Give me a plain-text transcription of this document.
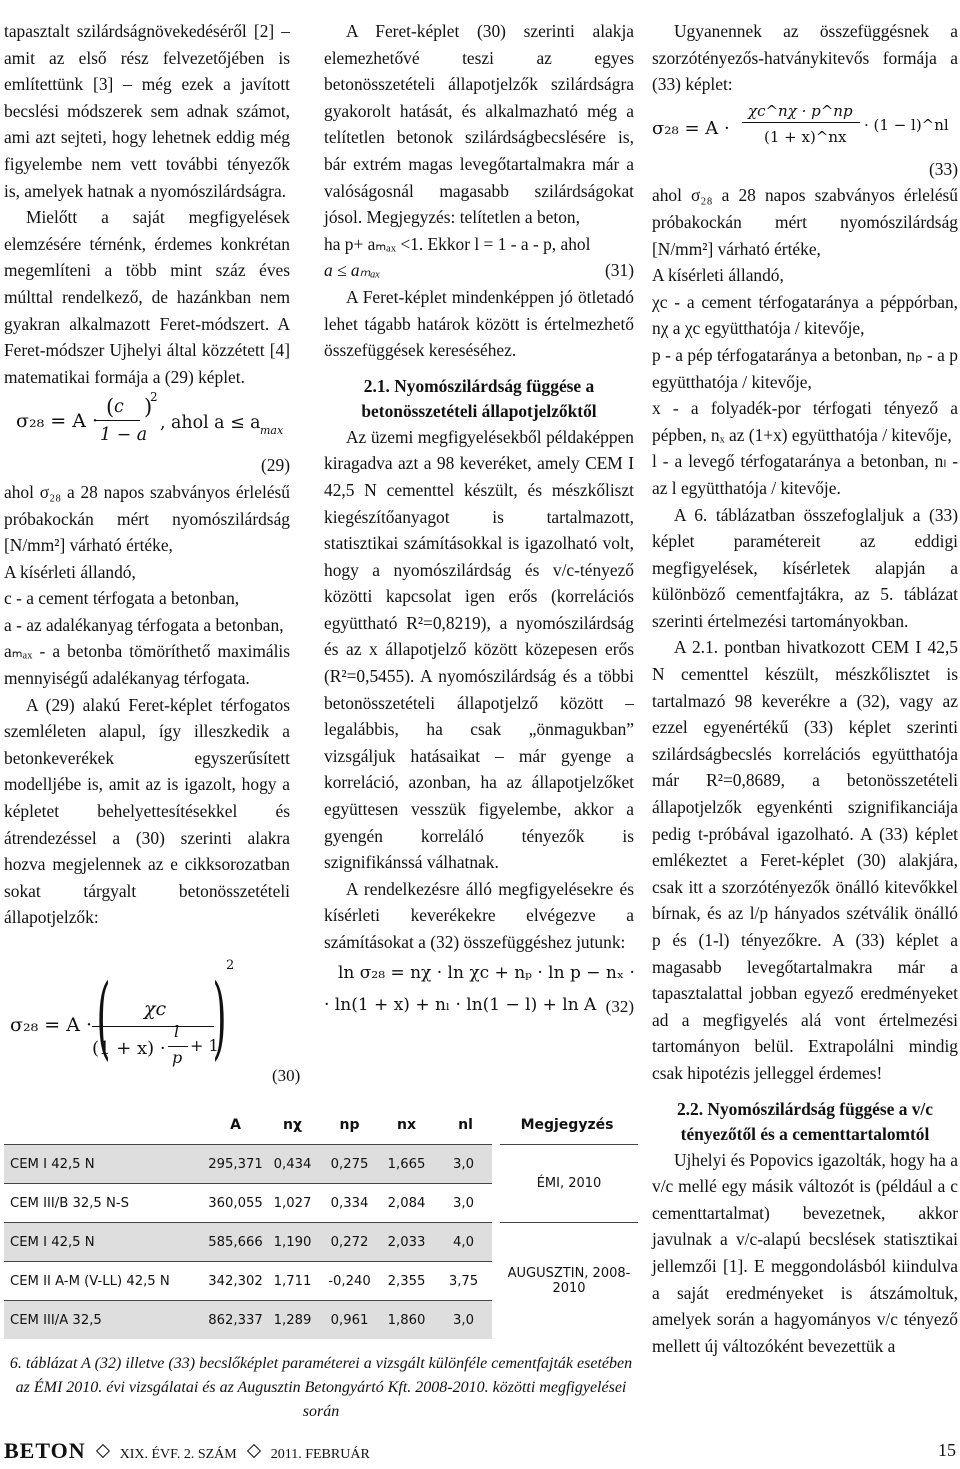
tapasztalt szilárdságnövekedéséről [2] – amit az első rész felvezetőjében is említettünk [3] – még ezek a javított becslési módszerek sem adnak számot, ami azt sejteti, hogy lehetnek eddig még figyelembe nem vett további tényezők is, amelyek hatnak a nyomószilárdságra.

Mielőtt a saját megfigyelések elemzésére térnénk, érdemes konkrétan megemlíteni a több mint száz éves múlttal rendelkező, de hazánkban nem gyakran alkalmazott Feret-módszert. A Feret-módszer Ujhelyi által közzétett [4] matematikai formája a (29) képlet.

σ₂₈ = A ·
( c
1 − a
)
2
, ahol a ≤ a max
(29)

ahol σ₂₈ a 28 napos szabványos érlelésű próbakockán mért nyomószilárdság [N/mm²] várható értéke,

A kísérleti állandó,

c - a cement térfogata a betonban,

a - az adalékanyag térfogata a betonban,

aₘₐₓ - a betonba tömöríthető maximális mennyiségű adalékanyag térfogata.

A (29) alakú Feret-képlet térfogatos szemléleten alapul, így illeszkedik a betonkeverékek egyszerűsített modelljébe is, amit az is igazolt, hogy a képletet behelyettesítésekkel és átrendezéssel a (30) szerinti alakra hozva megjelennek az e cikksorozatban sokat tárgyalt betonösszetételi állapotjelzők:

σ₂₈ = A · ( χc
(1 + x) ·
l
p
+ 1
) 2
(30)

A Feret-képlet (30) szerinti alakja elemezhetővé teszi az egyes betonösszetételi állapotjelzők szilárdságra gyakorolt hatását, és alkalmazható még a telítetlen betonok szilárdságbecslésére is, bár extrém magas levegőtartalmakra már a valóságosnál magasabb szilárdságokat jósol. Megjegyzés: telítetlen a beton,

ha p+ aₘₐₓ <1. Ekkor l = 1 - a - p, ahol

a ≤ aₘₐₓ	(31)

A Feret-képlet mindenképpen jó ötletadó lehet tágabb határok között is értelmezhető összefüggések kereséséhez.

2.1. Nyomószilárdság függése a betonösszetételi állapotjelzőktől

Az üzemi megfigyelésekből példaképpen kiragadva azt a 98 keveréket, amely CEM I 42,5 N cementtel készült, és mészkőliszt kiegészítőanyagot is tartalmazott, statisztikai számításokkal is igazolható volt, hogy a nyomószilárdság és v/c-tényező közötti kapcsolat igen erős (korrelációs együttható R²=0,8219), a nyomószilárdság és az x állapotjelző között közepesen erős (R²=0,5455). A nyomószilárdság és a többi betonösszetételi állapotjelző között – legalábbis, ha csak „önmagukban” vizsgáljuk hatásaikat – már gyenge a korreláció, azonban, ha az állapotjelzőket együttesen vesszük figyelembe, akkor a gyengén korreláló tényezők is szignifikánssá válhatnak.

A rendelkezésre álló megfigyelésekre és kísérleti keverékekre elvégezve a számításokat a (32) összefüggéshez jutunk:

ln σ₂₈ = nχ · ln χc + nₚ · ln p − nₓ ·
· ln(1 + x) + nₗ · ln(1 − l) + ln A (32)

Ugyanennek az összefüggésnek a szorzótényezős-hatványkitevős formája a (33) képlet:

σ₂₈ = A ·
χc^nχ · p^np
(1 + x)^nx
· (1 − l)^nl
(33)

ahol σ₂₈ a 28 napos szabványos érlelésű próbakockán mért nyomószilárdság [N/mm²] várható értéke,

A kísérleti állandó,

χc - a cement térfogataránya a péppórban, nχ a χc együtthatója / kitevője,

p - a pép térfogataránya a betonban, nₚ - a p együtthatója / kitevője,

x - a folyadék-por térfogati tényező a pépben, nₓ az (1+x) együtthatója / kitevője,

l - a levegő térfogataránya a betonban, nₗ - az l együtthatója / kitevője.

A 6. táblázatban összefoglaljuk a (33) képlet paramétereit az eddigi megfigyelések, kísérletek alapján a különböző cementfajtákra, az 5. táblázat szerinti értelmezési tartományokban.

A 2.1. pontban hivatkozott CEM I 42,5 N cementtel készült, mészkőlisztet is tartalmazó 98 keverékre a (32), vagy az ezzel egyenértékű (33) képlet szerinti szilárdságbecslés korrelációs együtthatója már R²=0,8689, a betonösszetételi állapotjelzők egyenkénti szignifikanciája pedig t-próbával igazolható. A (33) képlet emlékeztet a Feret-képlet (30) alakjára, csak itt a szorzótényezők önálló kitevőkkel bírnak, és az l/p hányados szétválik önálló p és (1-l) tényezőkre. A (33) képlet a magasabb levegőtartalmakra már a tapasztalattal jobban egyező eredményeket ad a megfigyelés alá vont értelmezési tartományon belül. Extrapolálni mindig csak hipotézis jelleggel érdemes!

2.2. Nyomószilárdság függése a v/c tényezőtől és a cementtartalomtól

Ujhelyi és Popovics igazolták, hogy ha a v/c mellé egy másik változót is (például a c cementtartalmat) bevezetnek, akkor javulnak a v/c-alapú becslések statisztikai jellemzői [1]. E meggondolásból kiindulva a saját eredményeket is átszámoltuk, amelyek során a hagyományos v/c tényező mellett új változóként bevezettük a

	A	nχ	np	nx	nl	Megjegyzés
CEM I 42,5 N	295,371	0,434	0,275	1,665	3,0	ÉMI, 2010
CEM III/B 32,5 N-S	360,055	1,027	0,334	2,084	3,0	
CEM I 42,5 N	585,666	1,190	0,272	2,033	4,0	AUGUSZTIN, 2008-2010
CEM II A-M (V-LL) 42,5 N	342,302	1,711	-0,240	2,355	3,75	
CEM III/A 32,5	862,337	1,289	0,961	1,860	3,0	
6. táblázat A (32) illetve (33) becslőképlet paraméterei a vizsgált különféle cementfajták esetében az ÉMI 2010. évi vizsgálatai és az Augusztin Betongyártó Kft. 2008-2010. közötti megfigyelései során
BETON XIX. ÉVF. 2. SZÁM 2011. FEBRUÁR	15
